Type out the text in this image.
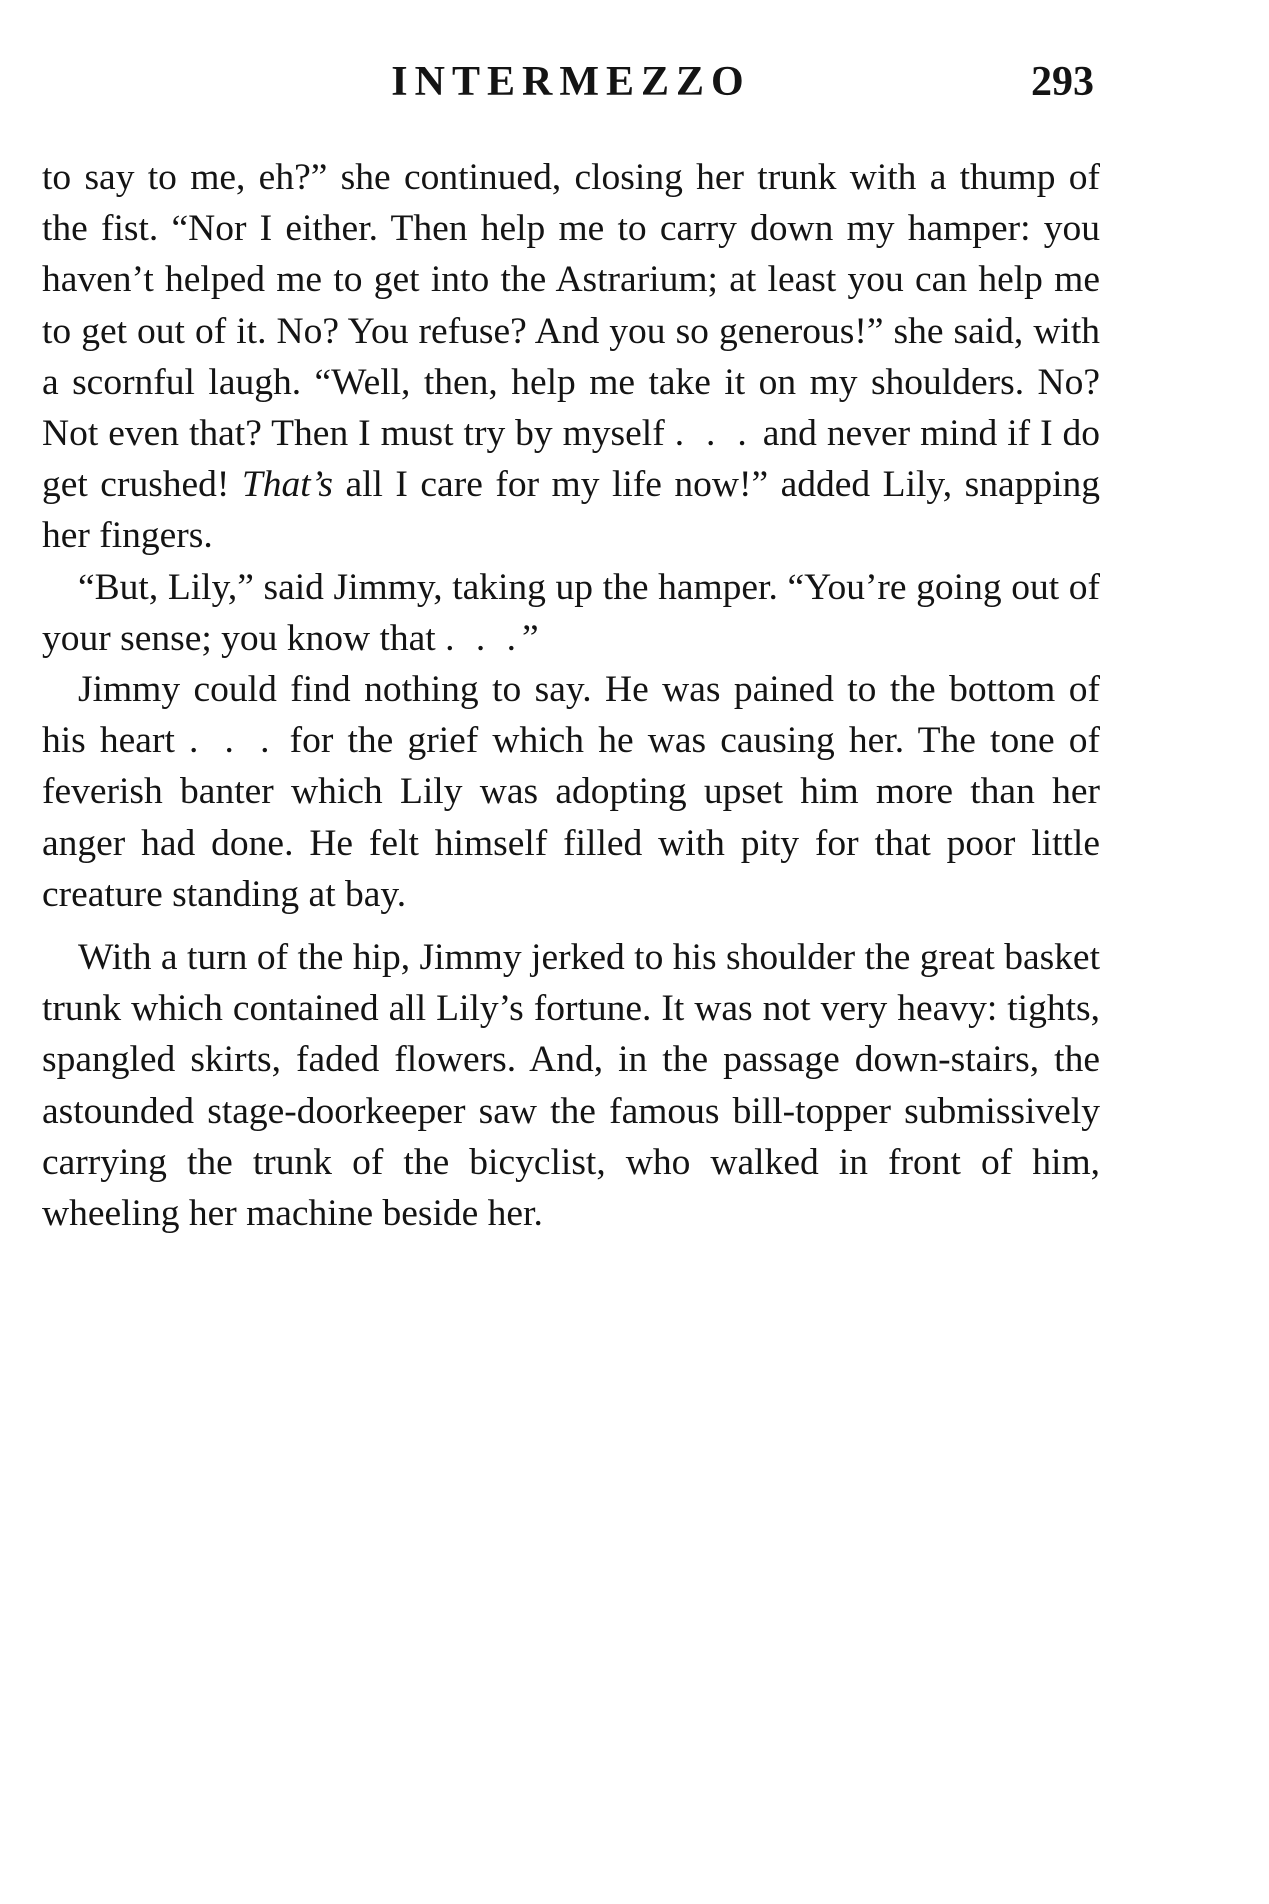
INTERMEZZO	293

to say to me, eh?” she continued, closing her trunk with a thump of the fist. “Nor I either. Then help me to carry down my hamper: you haven’t helped me to get into the Astrarium; at least you can help me to get out of it. No? You refuse? And you so generous!” she said, with a scornful laugh. “Well, then, help me take it on my shoulders. No? Not even that? Then I must try by myself . . . and never mind if I do get crushed! That’s all I care for my life now!” added Lily, snapping her fingers.

“But, Lily,” said Jimmy, taking up the hamper. “You’re going out of your sense; you know that . . .”

Jimmy could find nothing to say. He was pained to the bottom of his heart . . . for the grief which he was causing her. The tone of feverish banter which Lily was adopting upset him more than her anger had done. He felt himself filled with pity for that poor little creature standing at bay.

With a turn of the hip, Jimmy jerked to his shoulder the great basket trunk which contained all Lily’s fortune. It was not very heavy: tights, spangled skirts, faded flowers. And, in the passage down-stairs, the astounded stage-doorkeeper saw the famous bill-topper submissively carrying the trunk of the bicyclist, who walked in front of him, wheeling her machine beside her.
